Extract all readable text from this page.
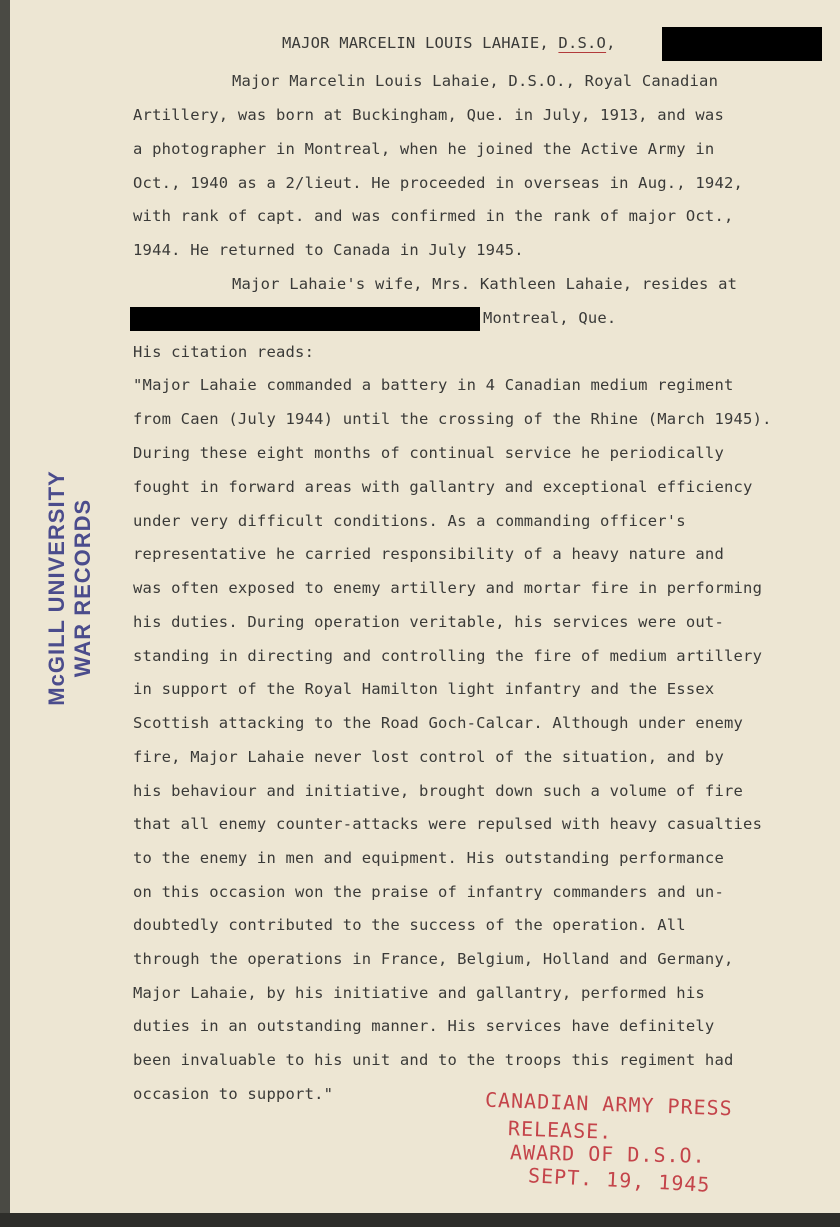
MAJOR MARCELIN LOUIS LAHAIE, D.S.O,
McGILL UNIVERSITY WAR RECORDS
Major Marcelin Louis Lahaie, D.S.O., Royal Canadian
Artillery, was born at Buckingham, Que. in July, 1913, and was
a photographer in Montreal, when he joined the Active Army in
Oct., 1940 as a 2/lieut. He proceeded in overseas in Aug., 1942,
with rank of capt. and was confirmed in the rank of major Oct.,
1944. He returned to Canada in July 1945.
Major Lahaie's wife, Mrs. Kathleen Lahaie, resides at
Montreal, Que.
His citation reads:
"Major Lahaie commanded a battery in 4 Canadian medium regiment
from Caen (July 1944) until the crossing of the Rhine (March 1945).
During these eight months of continual service he periodically
fought in forward areas with gallantry and exceptional efficiency
under very difficult conditions. As a commanding officer's
representative he carried responsibility of a heavy nature and
was often exposed to enemy artillery and mortar fire in performing
his duties. During operation veritable, his services were out-
standing in directing and controlling the fire of medium artillery
in support of the Royal Hamilton light infantry and the Essex
Scottish attacking to the Road Goch-Calcar. Although under enemy
fire, Major Lahaie never lost control of the situation, and by
his behaviour and initiative, brought down such a volume of fire
that all enemy counter-attacks were repulsed with heavy casualties
to the enemy in men and equipment. His outstanding performance
on this occasion won the praise of infantry commanders and un-
doubtedly contributed to the success of the operation. All
through the operations in France, Belgium, Holland and Germany,
Major Lahaie, by his initiative and gallantry, performed his
duties in an outstanding manner. His services have definitely
been invaluable to his unit and to the troops this regiment had
occasion to support."	CANADIAN ARMY PRESS
RELEASE.
AWARD OF D.S.O.
SEPT. 19, 1945
